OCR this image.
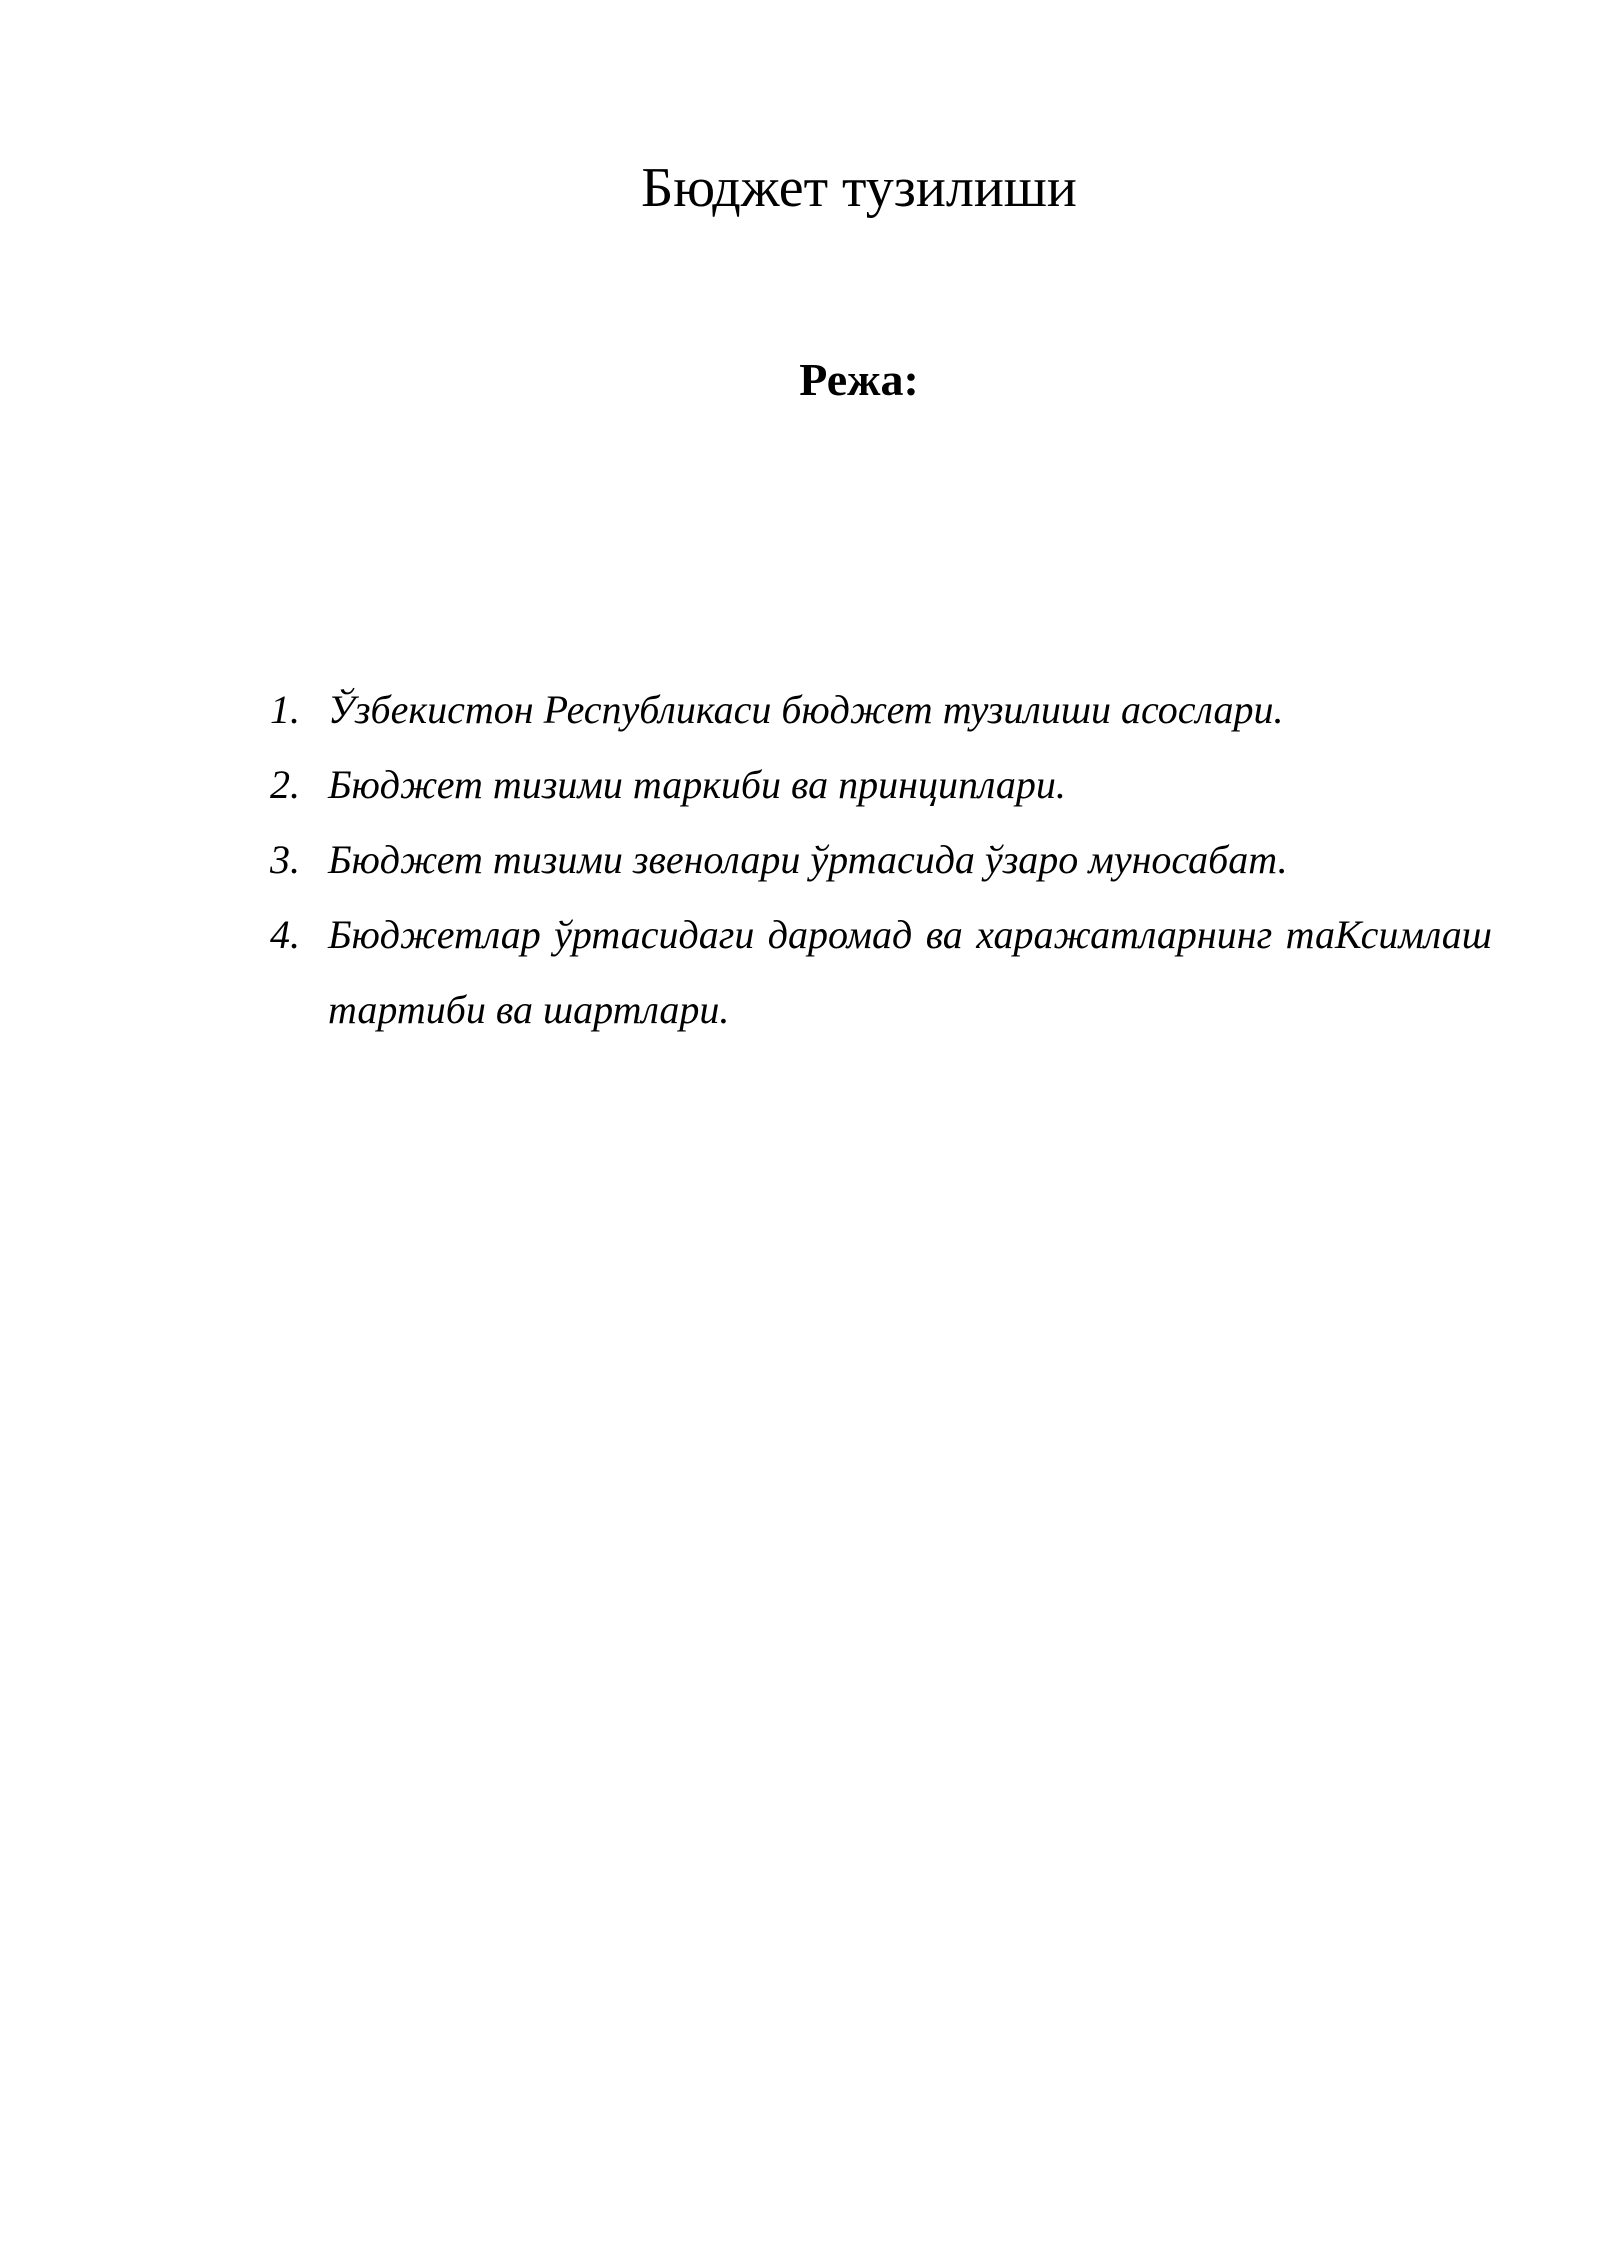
Бюджет тузилиши
Режа:
1. Ўзбекистон Республикаси бюджет тузилиши асослари.
2. Бюджет тизими таркиби ва принциплари.
3. Бюджет тизими звенолари ўртасида ўзаро муносабат.
4. Бюджетлар ўртасидаги даромад ва харажатларнинг таКсимлаш тартиби ва шартлари.
